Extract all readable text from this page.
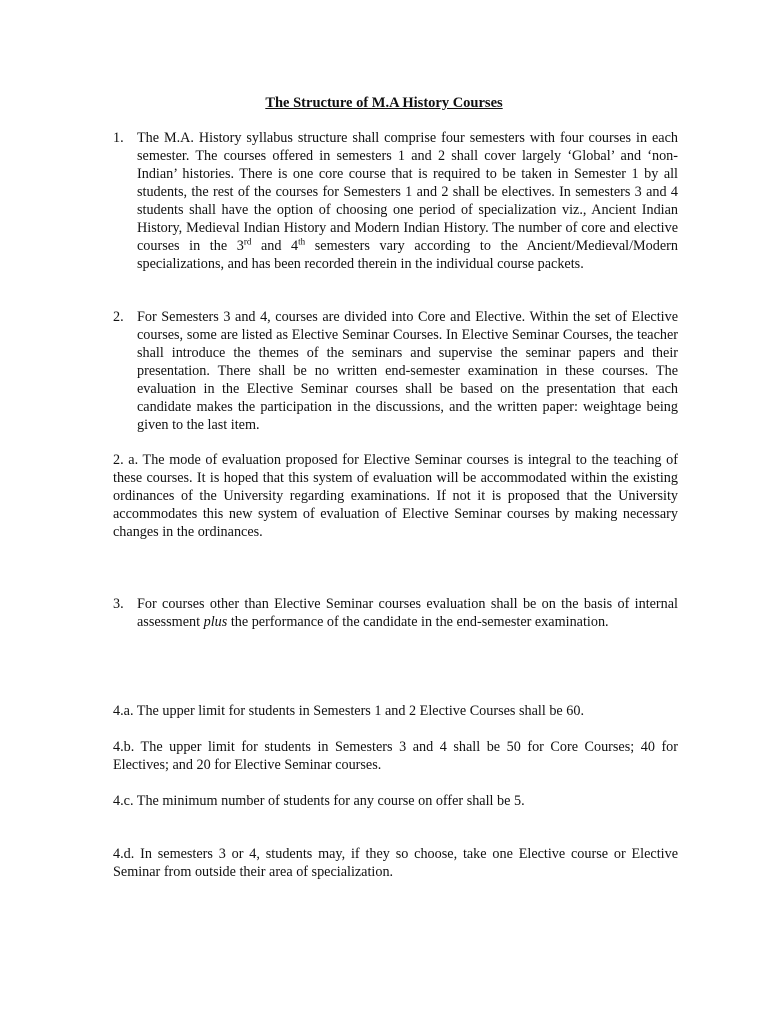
The Structure of M.A History Courses
1. The M.A. History syllabus structure shall comprise four semesters with four courses in each semester. The courses offered in semesters 1 and 2 shall cover largely ‘Global’ and ‘non-Indian’ histories. There is one core course that is required to be taken in Semester 1 by all students, the rest of the courses for Semesters 1 and 2 shall be electives. In semesters 3 and 4 students shall have the option of choosing one period of specialization viz., Ancient Indian History, Medieval Indian History and Modern Indian History. The number of core and elective courses in the 3rd and 4th semesters vary according to the Ancient/Medieval/Modern specializations, and has been recorded therein in the individual course packets.
2. For Semesters 3 and 4, courses are divided into Core and Elective. Within the set of Elective courses, some are listed as Elective Seminar Courses. In Elective Seminar Courses, the teacher shall introduce the themes of the seminars and supervise the seminar papers and their presentation. There shall be no written end-semester examination in these courses. The evaluation in the Elective Seminar courses shall be based on the presentation that each candidate makes the participation in the discussions, and the written paper: weightage being given to the last item.
2. a. The mode of evaluation proposed for Elective Seminar courses is integral to the teaching of these courses. It is hoped that this system of evaluation will be accommodated within the existing ordinances of the University regarding examinations. If not it is proposed that the University accommodates this new system of evaluation of Elective Seminar courses by making necessary changes in the ordinances.
3. For courses other than Elective Seminar courses evaluation shall be on the basis of internal assessment plus the performance of the candidate in the end-semester examination.
4.a. The upper limit for students in Semesters 1 and 2 Elective Courses shall be 60.
4.b. The upper limit for students in Semesters 3 and 4 shall be 50 for Core Courses; 40 for Electives; and 20 for Elective Seminar courses.
4.c. The minimum number of students for any course on offer shall be 5.
4.d. In semesters 3 or 4, students may, if they so choose, take one Elective course or Elective Seminar from outside their area of specialization.
